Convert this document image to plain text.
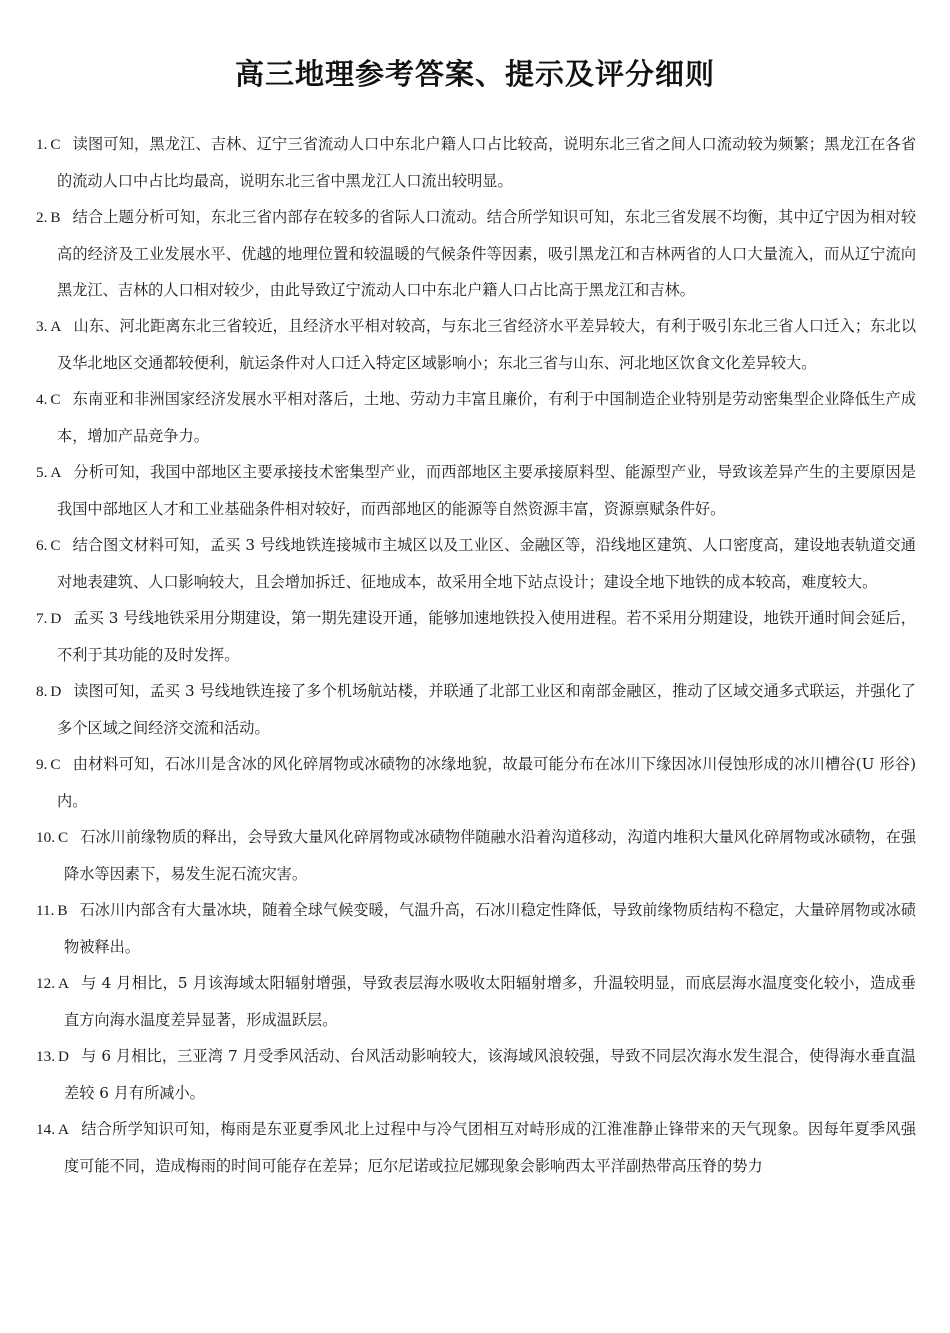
高三地理参考答案、提示及评分细则
1. C 读图可知，黑龙江、吉林、辽宁三省流动人口中东北户籍人口占比较高，说明东北三省之间人口流动较为频繁；黑龙江在各省的流动人口中占比均最高，说明东北三省中黑龙江人口流出较明显。
2. B 结合上题分析可知，东北三省内部存在较多的省际人口流动。结合所学知识可知，东北三省发展不均衡，其中辽宁因为相对较高的经济及工业发展水平、优越的地理位置和较温暖的气候条件等因素，吸引黑龙江和吉林两省的人口大量流入，而从辽宁流向黑龙江、吉林的人口相对较少，由此导致辽宁流动人口中东北户籍人口占比高于黑龙江和吉林。
3. A 山东、河北距离东北三省较近，且经济水平相对较高，与东北三省经济水平差异较大，有利于吸引东北三省人口迁入；东北以及华北地区交通都较便利，航运条件对人口迁入特定区域影响小；东北三省与山东、河北地区饮食文化差异较大。
4. C 东南亚和非洲国家经济发展水平相对落后，土地、劳动力丰富且廉价，有利于中国制造企业特别是劳动密集型企业降低生产成本，增加产品竞争力。
5. A 分析可知，我国中部地区主要承接技术密集型产业，而西部地区主要承接原料型、能源型产业，导致该差异产生的主要原因是我国中部地区人才和工业基础条件相对较好，而西部地区的能源等自然资源丰富，资源禀赋条件好。
6. C 结合图文材料可知，孟买 3 号线地铁连接城市主城区以及工业区、金融区等，沿线地区建筑、人口密度高，建设地表轨道交通对地表建筑、人口影响较大，且会增加拆迁、征地成本，故采用全地下站点设计；建设全地下地铁的成本较高，难度较大。
7. D 孟买 3 号线地铁采用分期建设，第一期先建设开通，能够加速地铁投入使用进程。若不采用分期建设，地铁开通时间会延后，不利于其功能的及时发挥。
8. D 读图可知，孟买 3 号线地铁连接了多个机场航站楼，并联通了北部工业区和南部金融区，推动了区域交通多式联运，并强化了多个区域之间经济交流和活动。
9. C 由材料可知，石冰川是含冰的风化碎屑物或冰碛物的冰缘地貌，故最可能分布在冰川下缘因冰川侵蚀形成的冰川槽谷(U 形谷)内。
10. C 石冰川前缘物质的释出，会导致大量风化碎屑物或冰碛物伴随融水沿着沟道移动，沟道内堆积大量风化碎屑物或冰碛物，在强降水等因素下，易发生泥石流灾害。
11. B 石冰川内部含有大量冰块，随着全球气候变暖，气温升高，石冰川稳定性降低，导致前缘物质结构不稳定，大量碎屑物或冰碛物被释出。
12. A 与 4 月相比，5 月该海域太阳辐射增强，导致表层海水吸收太阳辐射增多，升温较明显，而底层海水温度变化较小，造成垂直方向海水温度差异显著，形成温跃层。
13. D 与 6 月相比，三亚湾 7 月受季风活动、台风活动影响较大，该海域风浪较强，导致不同层次海水发生混合，使得海水垂直温差较 6 月有所减小。
14. A 结合所学知识可知，梅雨是东亚夏季风北上过程中与冷气团相互对峙形成的江淮准静止锋带来的天气现象。因每年夏季风强度可能不同，造成梅雨的时间可能存在差异；厄尔尼诺或拉尼娜现象会影响西太平洋副热带高压脊的势力
